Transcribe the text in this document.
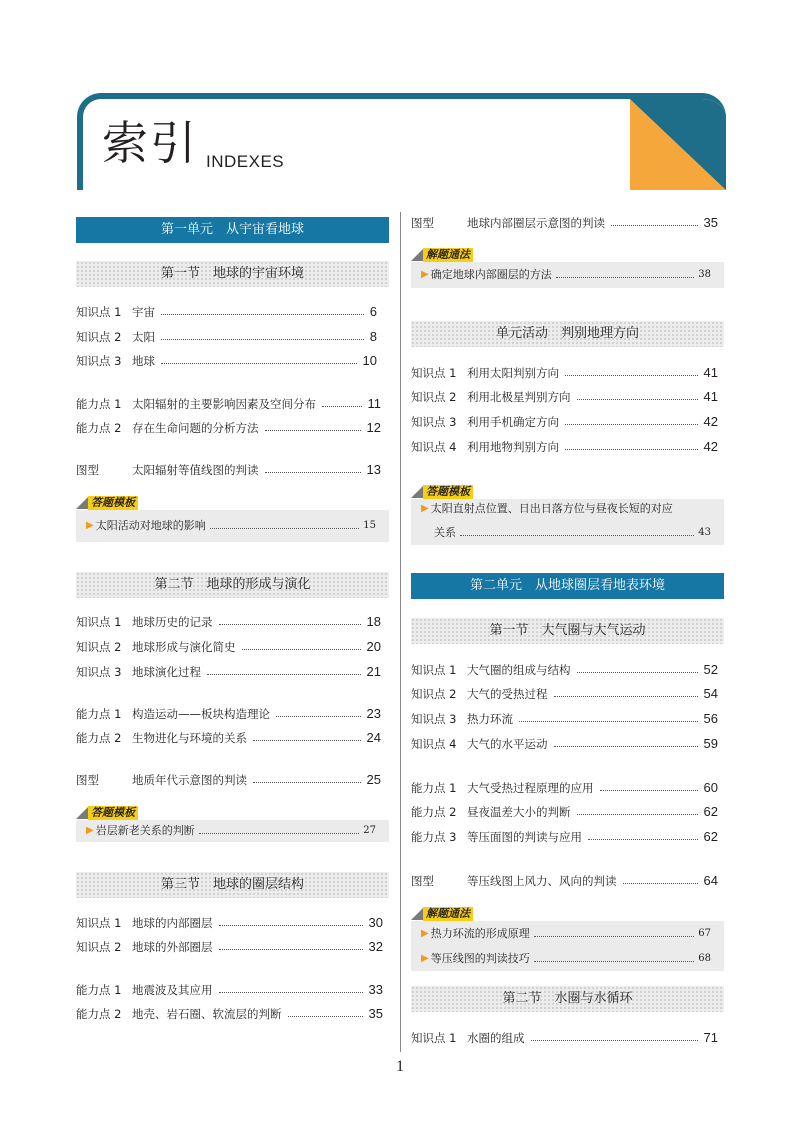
索引 INDEXES
第一单元　从宇宙看地球
第一节　地球的宇宙环境
知识点 1 宇宙	6
知识点 2 太阳	8
知识点 3 地球	10
能力点 1 太阳辐射的主要影响因素及空间分布	11
能力点 2 存在生命问题的分析方法	12
图型	太阳辐射等值线图的判读	13
答题模板
▶ 太阳活动对地球的影响	15
第二节　地球的形成与演化
知识点 1 地球历史的记录	18
知识点 2 地球形成与演化简史	20
知识点 3 地球演化过程	21
能力点 1 构造运动——板块构造理论	23
能力点 2 生物进化与环境的关系	24
图型	地质年代示意图的判读	25
答题模板
▶ 岩层新老关系的判断	27
第三节　地球的圈层结构
知识点 1 地球的内部圈层	30
知识点 2 地球的外部圈层	32
能力点 1 地震波及其应用	33
能力点 2 地壳、岩石圈、软流层的判断	35
图型	地球内部圈层示意图的判读	35
解题通法
▶ 确定地球内部圈层的方法	38
单元活动　判别地理方向
知识点 1 利用太阳判别方向	41
知识点 2 利用北极星判别方向	41
知识点 3 利用手机确定方向	42
知识点 4 利用地物判别方向	42
答题模板
▶ 太阳直射点位置、日出日落方位与昼夜长短的对应
关系	43
第二单元　从地球圈层看地表环境
第一节　大气圈与大气运动
知识点 1 大气圈的组成与结构	52
知识点 2 大气的受热过程	54
知识点 3 热力环流	56
知识点 4 大气的水平运动	59
能力点 1 大气受热过程原理的应用	60
能力点 2 昼夜温差大小的判断	62
能力点 3 等压面图的判读与应用	62
图型	等压线图上风力、风向的判读	64
解题通法
▶ 热力环流的形成原理	67
▶ 等压线图的判读技巧	68
第二节　水圈与水循环
知识点 1 水圈的组成	71
1
